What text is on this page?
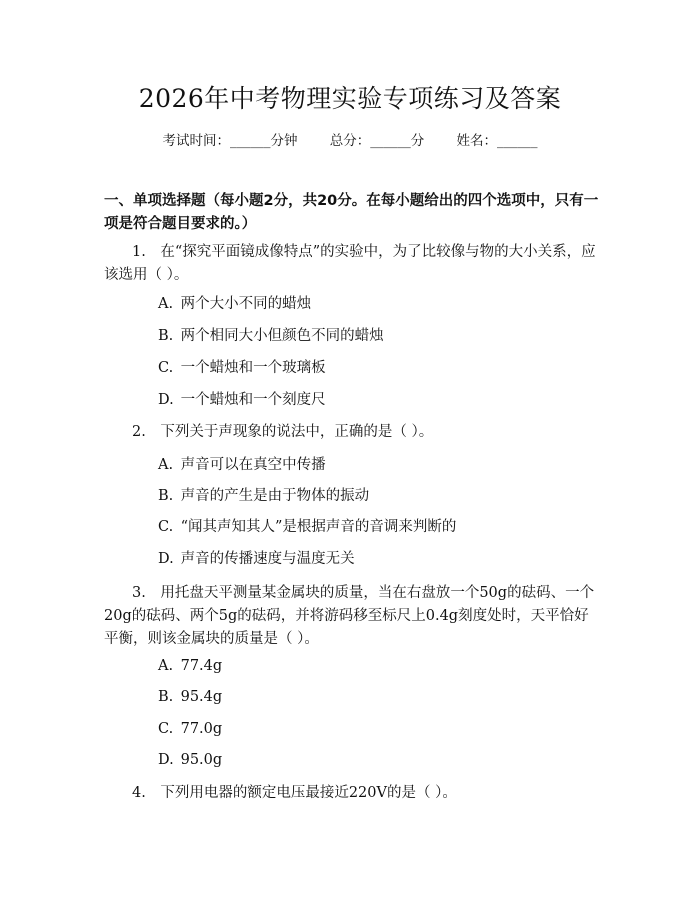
2026年中考物理实验专项练习及答案
考试时间：______分钟 总分：______分 姓名：______
一、单项选择题（每小题2分，共20分。在每小题给出的四个选项中，只有一项是符合题目要求的。）
1.　在“探究平面镜成像特点”的实验中，为了比较像与物的大小关系，应该选用（ ）。
A. 两个大小不同的蜡烛
B. 两个相同大小但颜色不同的蜡烛
C. 一个蜡烛和一个玻璃板
D. 一个蜡烛和一个刻度尺
2.　下列关于声现象的说法中，正确的是（ ）。
A. 声音可以在真空中传播
B. 声音的产生是由于物体的振动
C. “闻其声知其人”是根据声音的音调来判断的
D. 声音的传播速度与温度无关
3.　用托盘天平测量某金属块的质量，当在右盘放一个50g的砝码、一个20g的砝码、两个5g的砝码，并将游码移至标尺上0.4g刻度处时，天平恰好平衡，则该金属块的质量是（ ）。
A. 77.4g
B. 95.4g
C. 77.0g
D. 95.0g
4.　下列用电器的额定电压最接近220V的是（ ）。
